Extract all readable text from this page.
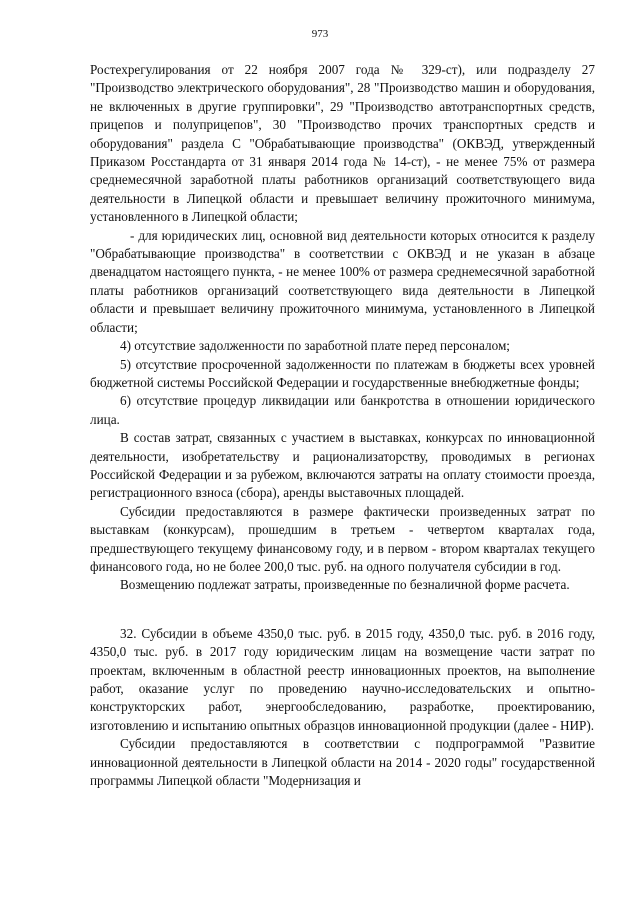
973

Ростехрегулирования от 22 ноября 2007 года № 329-ст), или подразделу 27 "Производство электрического оборудования", 28 "Производство машин и оборудования, не включенных в другие группировки", 29 "Производство автотранспортных средств, прицепов и полуприцепов", 30 "Производство прочих транспортных средств и оборудования" раздела С "Обрабатывающие производства" (ОКВЭД, утвержденный Приказом Росстандарта от 31 января 2014 года № 14-ст), - не менее 75% от размера среднемесячной заработной платы работников организаций соответствующего вида деятельности в Липецкой области и превышает величину прожиточного минимума, установленного в Липецкой области;

- для юридических лиц, основной вид деятельности которых относится к разделу "Обрабатывающие производства" в соответствии с ОКВЭД и не указан в абзаце двенадцатом настоящего пункта, - не менее 100% от размера среднемесячной заработной платы работников организаций соответствующего вида деятельности в Липецкой области и превышает величину прожиточного минимума, установленного в Липецкой области;

4) отсутствие задолженности по заработной плате перед персоналом;

5) отсутствие просроченной задолженности по платежам в бюджеты всех уровней бюджетной системы Российской Федерации и государственные внебюджетные фонды;

6) отсутствие процедур ликвидации или банкротства в отношении юридического лица.

В состав затрат, связанных с участием в выставках, конкурсах по инновационной деятельности, изобретательству и рационализаторству, проводимых в регионах Российской Федерации и за рубежом, включаются затраты на оплату стоимости проезда, регистрационного взноса (сбора), аренды выставочных площадей.

Субсидии предоставляются в размере фактически произведенных затрат по выставкам (конкурсам), прошедшим в третьем - четвертом кварталах года, предшествующего текущему финансовому году, и в первом - втором кварталах текущего финансового года, но не более 200,0 тыс. руб. на одного получателя субсидии в год.

Возмещению подлежат затраты, произведенные по безналичной форме расчета.

32. Субсидии в объеме 4350,0 тыс. руб. в 2015 году, 4350,0 тыс. руб. в 2016 году, 4350,0 тыс. руб. в 2017 году юридическим лицам на возмещение части затрат по проектам, включенным в областной реестр инновационных проектов, на выполнение работ, оказание услуг по проведению научно-исследовательских и опытно-конструкторских работ, энергообследованию, разработке, проектированию, изготовлению и испытанию опытных образцов инновационной продукции (далее - НИР).

Субсидии предоставляются в соответствии с подпрограммой "Развитие инновационной деятельности в Липецкой области на 2014 - 2020 годы" государственной программы Липецкой области "Модернизация и
